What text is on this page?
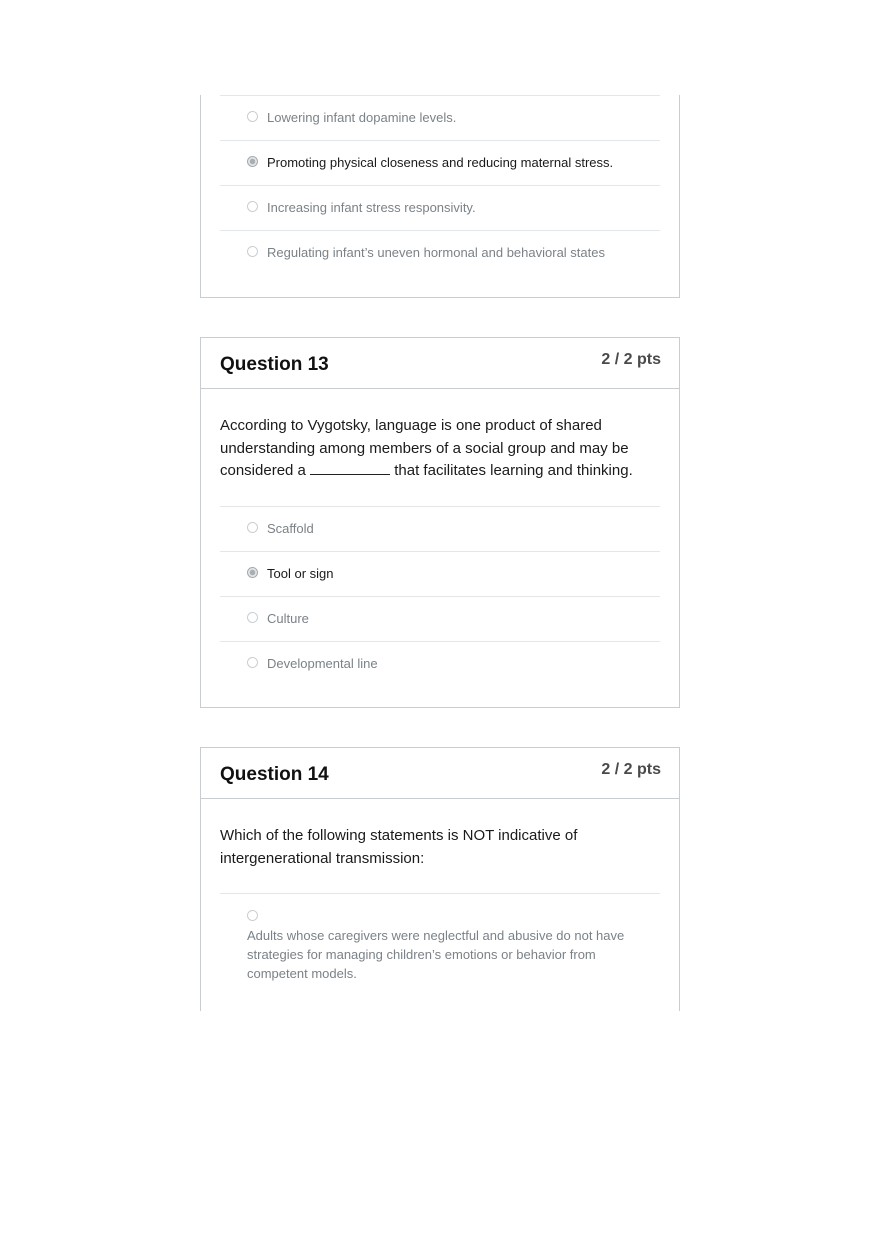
Lowering infant dopamine levels.
Promoting physical closeness and reducing maternal stress.
Increasing infant stress responsivity.
Regulating infant’s uneven hormonal and behavioral states
Question 13	2 / 2 pts
According to Vygotsky, language is one product of shared understanding among members of a social group and may be considered a	that facilitates learning and thinking.
Scaffold
Tool or sign
Culture
Developmental line
Question 14	2 / 2 pts
Which of the following statements is NOT indicative of intergenerational transmission:
Adults whose caregivers were neglectful and abusive do not have strategies for managing children’s emotions or behavior from competent models.
